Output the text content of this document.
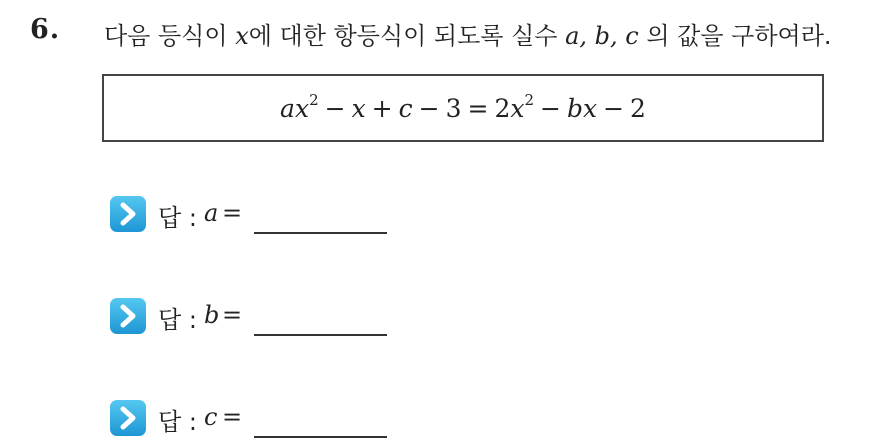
6. 다음 등식이 x에 대한 항등식이 되도록 실수 a, b, c 의 값을 구하여라.
$ax^2 - x + c - 3 = 2x^2$ − bx − 2
답 : a =
답 : b =
답 : c =
